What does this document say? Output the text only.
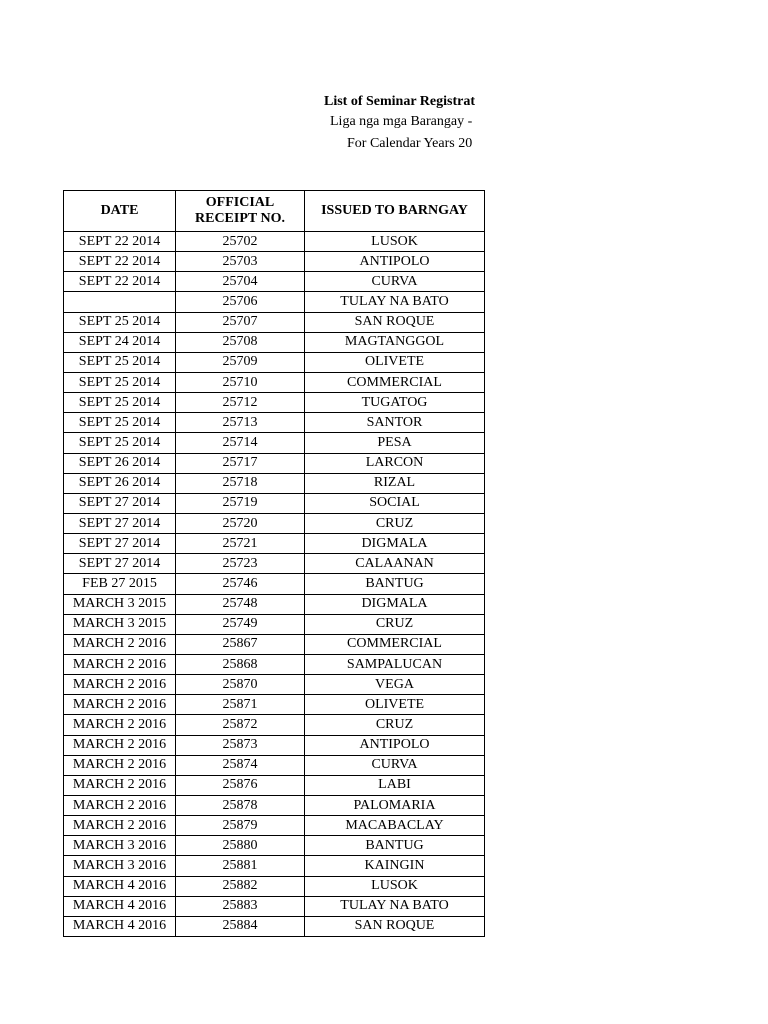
List of Seminar Registrat
Liga nga mga Barangay -
For Calendar Years 20
DATE	OFFICIAL RECEIPT NO.	ISSUED TO BARNGAY
SEPT 22 2014	25702	LUSOK
SEPT 22 2014	25703	ANTIPOLO
SEPT 22 2014	25704	CURVA
	25706	TULAY NA BATO
SEPT 25 2014	25707	SAN ROQUE
SEPT 24 2014	25708	MAGTANGGOL
SEPT 25 2014	25709	OLIVETE
SEPT 25 2014	25710	COMMERCIAL
SEPT 25 2014	25712	TUGATOG
SEPT 25 2014	25713	SANTOR
SEPT 25 2014	25714	PESA
SEPT 26 2014	25717	LARCON
SEPT 26 2014	25718	RIZAL
SEPT 27 2014	25719	SOCIAL
SEPT 27 2014	25720	CRUZ
SEPT 27 2014	25721	DIGMALA
SEPT 27 2014	25723	CALAANAN
FEB 27 2015	25746	BANTUG
MARCH 3 2015	25748	DIGMALA
MARCH 3 2015	25749	CRUZ
MARCH 2 2016	25867	COMMERCIAL
MARCH 2 2016	25868	SAMPALUCAN
MARCH 2 2016	25870	VEGA
MARCH 2 2016	25871	OLIVETE
MARCH 2 2016	25872	CRUZ
MARCH 2 2016	25873	ANTIPOLO
MARCH 2 2016	25874	CURVA
MARCH 2 2016	25876	LABI
MARCH 2 2016	25878	PALOMARIA
MARCH 2 2016	25879	MACABACLAY
MARCH 3 2016	25880	BANTUG
MARCH 3 2016	25881	KAINGIN
MARCH 4 2016	25882	LUSOK
MARCH 4 2016	25883	TULAY NA BATO
MARCH 4 2016	25884	SAN ROQUE
